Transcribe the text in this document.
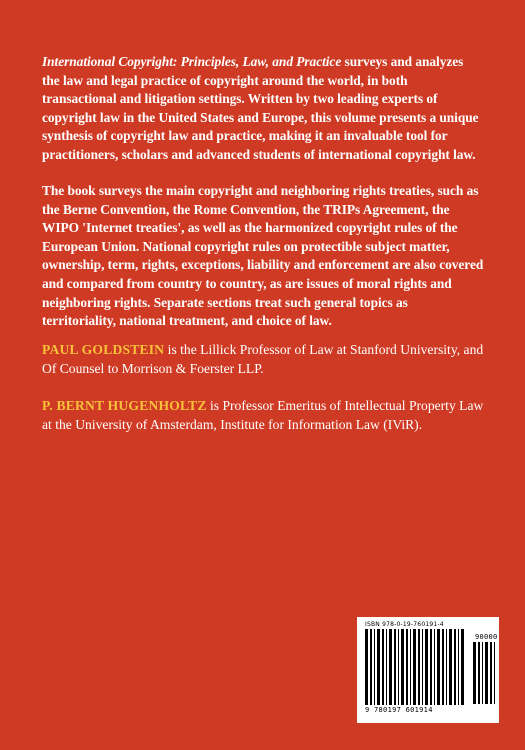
International Copyright: Principles, Law, and Practice surveys and analyzes the law and legal practice of copyright around the world, in both transactional and litigation settings. Written by two leading experts of copyright law in the United States and Europe, this volume presents a unique synthesis of copyright law and practice, making it an invaluable tool for practitioners, scholars and advanced students of international copyright law.

The book surveys the main copyright and neighboring rights treaties, such as the Berne Convention, the Rome Convention, the TRIPs Agreement, the WIPO 'Internet treaties', as well as the harmonized copyright rules of the European Union. National copyright rules on protectible subject matter, ownership, term, rights, exceptions, liability and enforcement are also covered and compared from country to country, as are issues of moral rights and neighboring rights. Separate sections treat such general topics as territoriality, national treatment, and choice of law.

PAUL GOLDSTEIN is the Lillick Professor of Law at Stanford University, and Of Counsel to Morrison & Foerster LLP.

P. BERNT HUGENHOLTZ is Professor Emeritus of Intellectual Property Law at the University of Amsterdam, Institute for Information Law (IViR).

ISBN 978-0-19-760191-4
9 780197 601914
90000
